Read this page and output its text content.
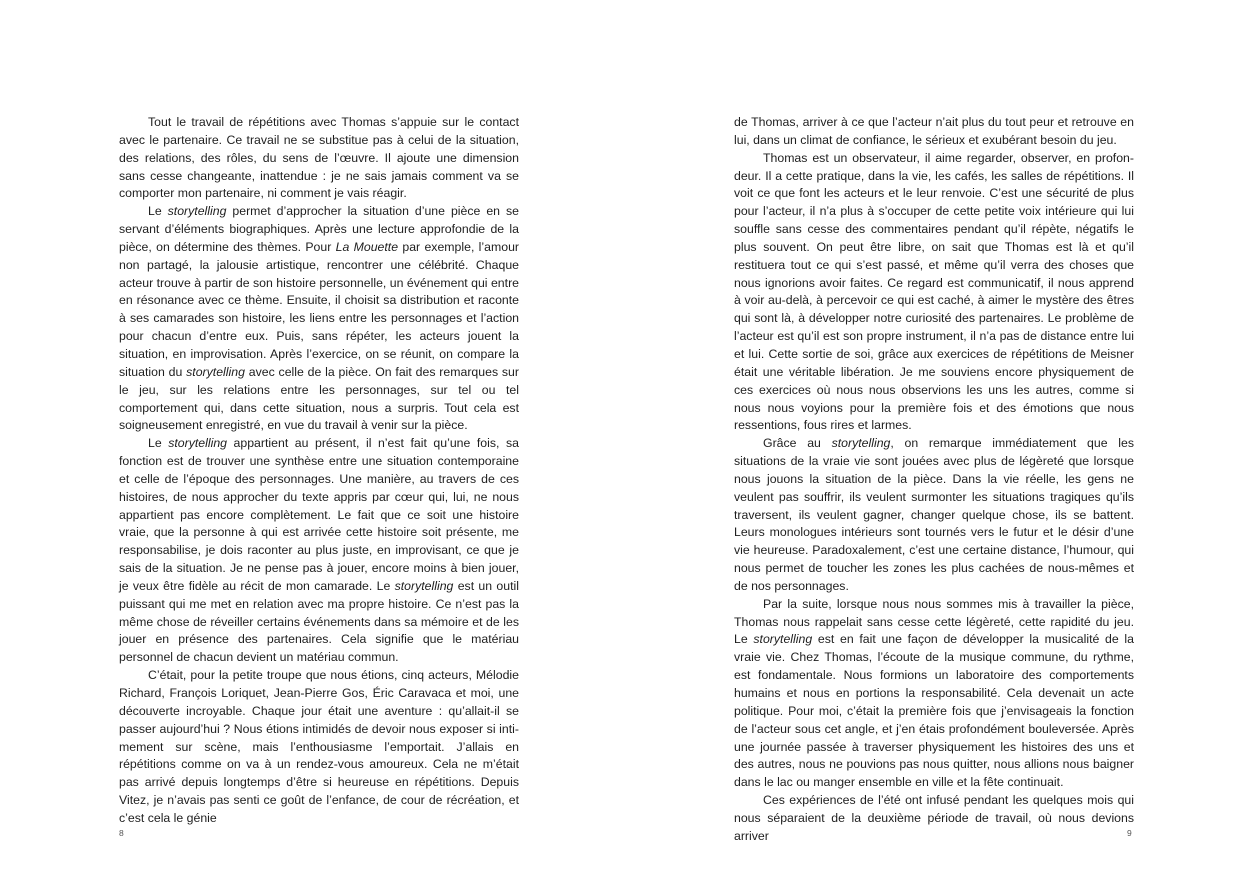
Tout le travail de répétitions avec Thomas s’appuie sur le contact avec le partenaire. Ce travail ne se substitue pas à celui de la situation, des relations, des rôles, du sens de l’œuvre. Il ajoute une dimension sans cesse changeante, inattendue : je ne sais jamais comment va se comporter mon partenaire, ni comment je vais réagir.

Le storytelling permet d’approcher la situation d’une pièce en se servant d’éléments biographiques. Après une lecture approfondie de la pièce, on détermine des thèmes. Pour La Mouette par exemple, l’amour non partagé, la jalousie artistique, rencontrer une célébrité. Chaque acteur trouve à partir de son histoire personnelle, un événement qui entre en résonance avec ce thème. Ensuite, il choisit sa distribution et raconte à ses camarades son histoire, les liens entre les personnages et l’action pour chacun d’entre eux. Puis, sans répéter, les acteurs jouent la situation, en improvisation. Après l’exercice, on se réunit, on compare la situation du storytelling avec celle de la pièce. On fait des remarques sur le jeu, sur les relations entre les personnages, sur tel ou tel comportement qui, dans cette situation, nous a surpris. Tout cela est soigneusement enregistré, en vue du travail à venir sur la pièce.

Le storytelling appartient au présent, il n’est fait qu’une fois, sa fonction est de trouver une synthèse entre une situation contemporaine et celle de l’époque des personnages. Une manière, au travers de ces histoires, de nous approcher du texte appris par cœur qui, lui, ne nous appartient pas encore complètement. Le fait que ce soit une histoire vraie, que la personne à qui est arrivée cette histoire soit présente, me responsabilise, je dois raconter au plus juste, en improvisant, ce que je sais de la situation. Je ne pense pas à jouer, encore moins à bien jouer, je veux être fidèle au récit de mon camarade. Le storytelling est un outil puissant qui me met en relation avec ma propre histoire. Ce n’est pas la même chose de réveiller certains événements dans sa mémoire et de les jouer en présence des partenaires. Cela signifie que le matériau personnel de chacun devient un matériau commun.

C’était, pour la petite troupe que nous étions, cinq acteurs, Mélodie Richard, François Loriquet, Jean-Pierre Gos, Éric Caravaca et moi, une découverte incroyable. Chaque jour était une aventure : qu’allait-il se passer aujourd’hui ? Nous étions intimidés de devoir nous exposer si intimement sur scène, mais l’enthousiasme l’emportait. J’allais en répétitions comme on va à un rendez-vous amoureux. Cela ne m’était pas arrivé depuis longtemps d’être si heureuse en répétitions. Depuis Vitez, je n’avais pas senti ce goût de l’enfance, de cour de récréation, et c’est cela le génie

8

de Thomas, arriver à ce que l’acteur n’ait plus du tout peur et retrouve en lui, dans un climat de confiance, le sérieux et exubérant besoin du jeu.

Thomas est un observateur, il aime regarder, observer, en profondeur. Il a cette pratique, dans la vie, les cafés, les salles de répétitions. Il voit ce que font les acteurs et le leur renvoie. C’est une sécurité de plus pour l’acteur, il n’a plus à s’occuper de cette petite voix intérieure qui lui souffle sans cesse des commentaires pendant qu’il répète, négatifs le plus souvent. On peut être libre, on sait que Thomas est là et qu’il restituera tout ce qui s’est passé, et même qu’il verra des choses que nous ignorions avoir faites. Ce regard est communicatif, il nous apprend à voir au-delà, à percevoir ce qui est caché, à aimer le mystère des êtres qui sont là, à développer notre curiosité des partenaires. Le problème de l’acteur est qu’il est son propre instrument, il n’a pas de distance entre lui et lui. Cette sortie de soi, grâce aux exercices de répétitions de Meisner était une véritable libération. Je me souviens encore physiquement de ces exercices où nous nous observions les uns les autres, comme si nous nous voyions pour la première fois et des émotions que nous ressentions, fous rires et larmes.

Grâce au storytelling, on remarque immédiatement que les situations de la vraie vie sont jouées avec plus de légèreté que lorsque nous jouons la situation de la pièce. Dans la vie réelle, les gens ne veulent pas souffrir, ils veulent surmonter les situations tragiques qu’ils traversent, ils veulent gagner, changer quelque chose, ils se battent. Leurs monologues intérieurs sont tournés vers le futur et le désir d’une vie heureuse. Paradoxalement, c’est une certaine distance, l’humour, qui nous permet de toucher les zones les plus cachées de nous-mêmes et de nos personnages.

Par la suite, lorsque nous nous sommes mis à travailler la pièce, Thomas nous rappelait sans cesse cette légèreté, cette rapidité du jeu. Le storytelling est en fait une façon de développer la musicalité de la vraie vie. Chez Thomas, l’écoute de la musique commune, du rythme, est fondamentale. Nous formions un laboratoire des comportements humains et nous en portions la responsabilité. Cela devenait un acte politique. Pour moi, c’était la première fois que j’envisageais la fonction de l’acteur sous cet angle, et j’en étais profondément bouleversée. Après une journée passée à traverser physiquement les histoires des uns et des autres, nous ne pouvions pas nous quitter, nous allions nous baigner dans le lac ou manger ensemble en ville et la fête continuait.

Ces expériences de l’été ont infusé pendant les quelques mois qui nous séparaient de la deuxième période de travail, où nous devions arriver	9
